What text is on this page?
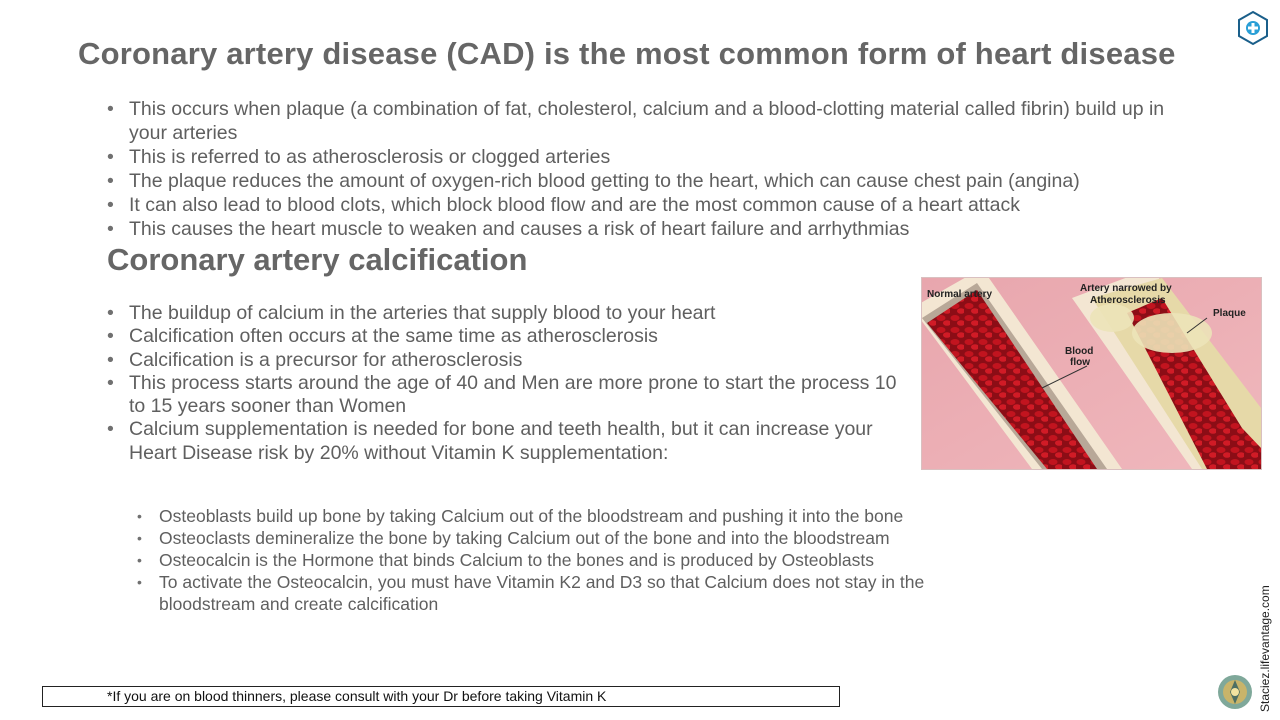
Coronary artery disease (CAD) is the most common form of heart disease
• This occurs when plaque (a combination of fat, cholesterol, calcium and a blood-clotting material called fibrin) build up in your arteries
• This is referred to as atherosclerosis or clogged arteries
• The plaque reduces the amount of oxygen-rich blood getting to the heart, which can cause chest pain (angina)
• It can also lead to blood clots, which block blood flow and are the most common cause of a heart attack
• This causes the heart muscle to weaken and causes a risk of heart failure and arrhythmias
Coronary artery calcification
• The buildup of calcium in the arteries that supply blood to your heart
• Calcification often occurs at the same time as atherosclerosis
• Calcification is a precursor for atherosclerosis
• This process starts around the age of 40 and Men are more prone to start the process 10 to 15 years sooner than Women
• Calcium supplementation is needed for bone and teeth health, but it can increase your Heart Disease risk by 20% without Vitamin K supplementation:
• Osteoblasts build up bone by taking Calcium out of the bloodstream and pushing it into the bone
• Osteoclasts demineralize the bone by taking Calcium out of the bone and into the bloodstream
• Osteocalcin is the Hormone that binds Calcium to the bones and is produced by Osteoblasts
• To activate the Osteocalcin, you must have Vitamin K2 and D3 so that Calcium does not stay in the bloodstream and create calcification
Normal artery
Artery narrowed by
Atherosclerosis
Plaque
Blood
flow
*If you are on blood thinners, please consult with your Dr before taking Vitamin K	Staciez.lifevantage.com
